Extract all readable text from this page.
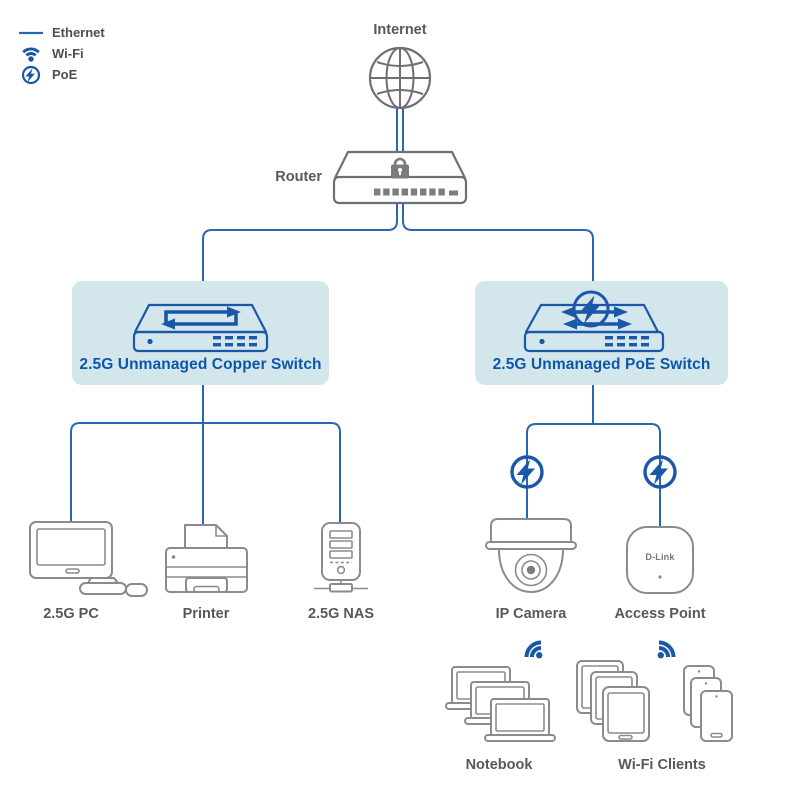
2.5G Unmanaged Copper Switch	2.5G Unmanaged PoE Switch
D-Link
Ethernet
Wi-Fi
PoE
Internet
Router
2.5G PC	Printer	2.5G NAS	IP Camera	Access Point
Notebook	Wi-Fi Clients
